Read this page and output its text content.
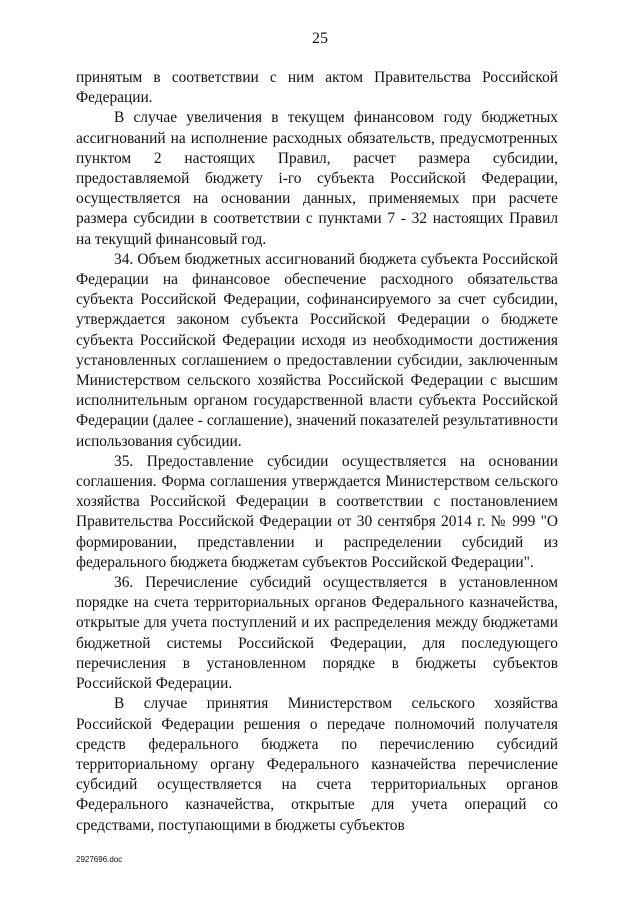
25

принятым в соответствии с ним актом Правительства Российской Федерации.

В случае увеличения в текущем финансовом году бюджетных ассигнований на исполнение расходных обязательств, предусмотренных пунктом 2 настоящих Правил, расчет размера субсидии, предоставляемой бюджету i-го субъекта Российской Федерации, осуществляется на основании данных, применяемых при расчете размера субсидии в соответствии с пунктами 7 - 32 настоящих Правил на текущий финансовый год.

34. Объем бюджетных ассигнований бюджета субъекта Российской Федерации на финансовое обеспечение расходного обязательства субъекта Российской Федерации, софинансируемого за счет субсидии, утверждается законом субъекта Российской Федерации о бюджете субъекта Российской Федерации исходя из необходимости достижения установленных соглашением о предоставлении субсидии, заключенным Министерством сельского хозяйства Российской Федерации с высшим исполнительным органом государственной власти субъекта Российской Федерации (далее - соглашение), значений показателей результативности использования субсидии.

35. Предоставление субсидии осуществляется на основании соглашения. Форма соглашения утверждается Министерством сельского хозяйства Российской Федерации в соответствии с постановлением Правительства Российской Федерации от 30 сентября 2014 г. № 999 "О формировании, представлении и распределении субсидий из федерального бюджета бюджетам субъектов Российской Федерации".

36. Перечисление субсидий осуществляется в установленном порядке на счета территориальных органов Федерального казначейства, открытые для учета поступлений и их распределения между бюджетами бюджетной системы Российской Федерации, для последующего перечисления в установленном порядке в бюджеты субъектов Российской Федерации.

В случае принятия Министерством сельского хозяйства Российской Федерации решения о передаче полномочий получателя средств федерального бюджета по перечислению субсидий территориальному органу Федерального казначейства перечисление субсидий осуществляется на счета территориальных органов Федерального казначейства, открытые для учета операций со средствами, поступающими в бюджеты субъектов

2927696.doc
